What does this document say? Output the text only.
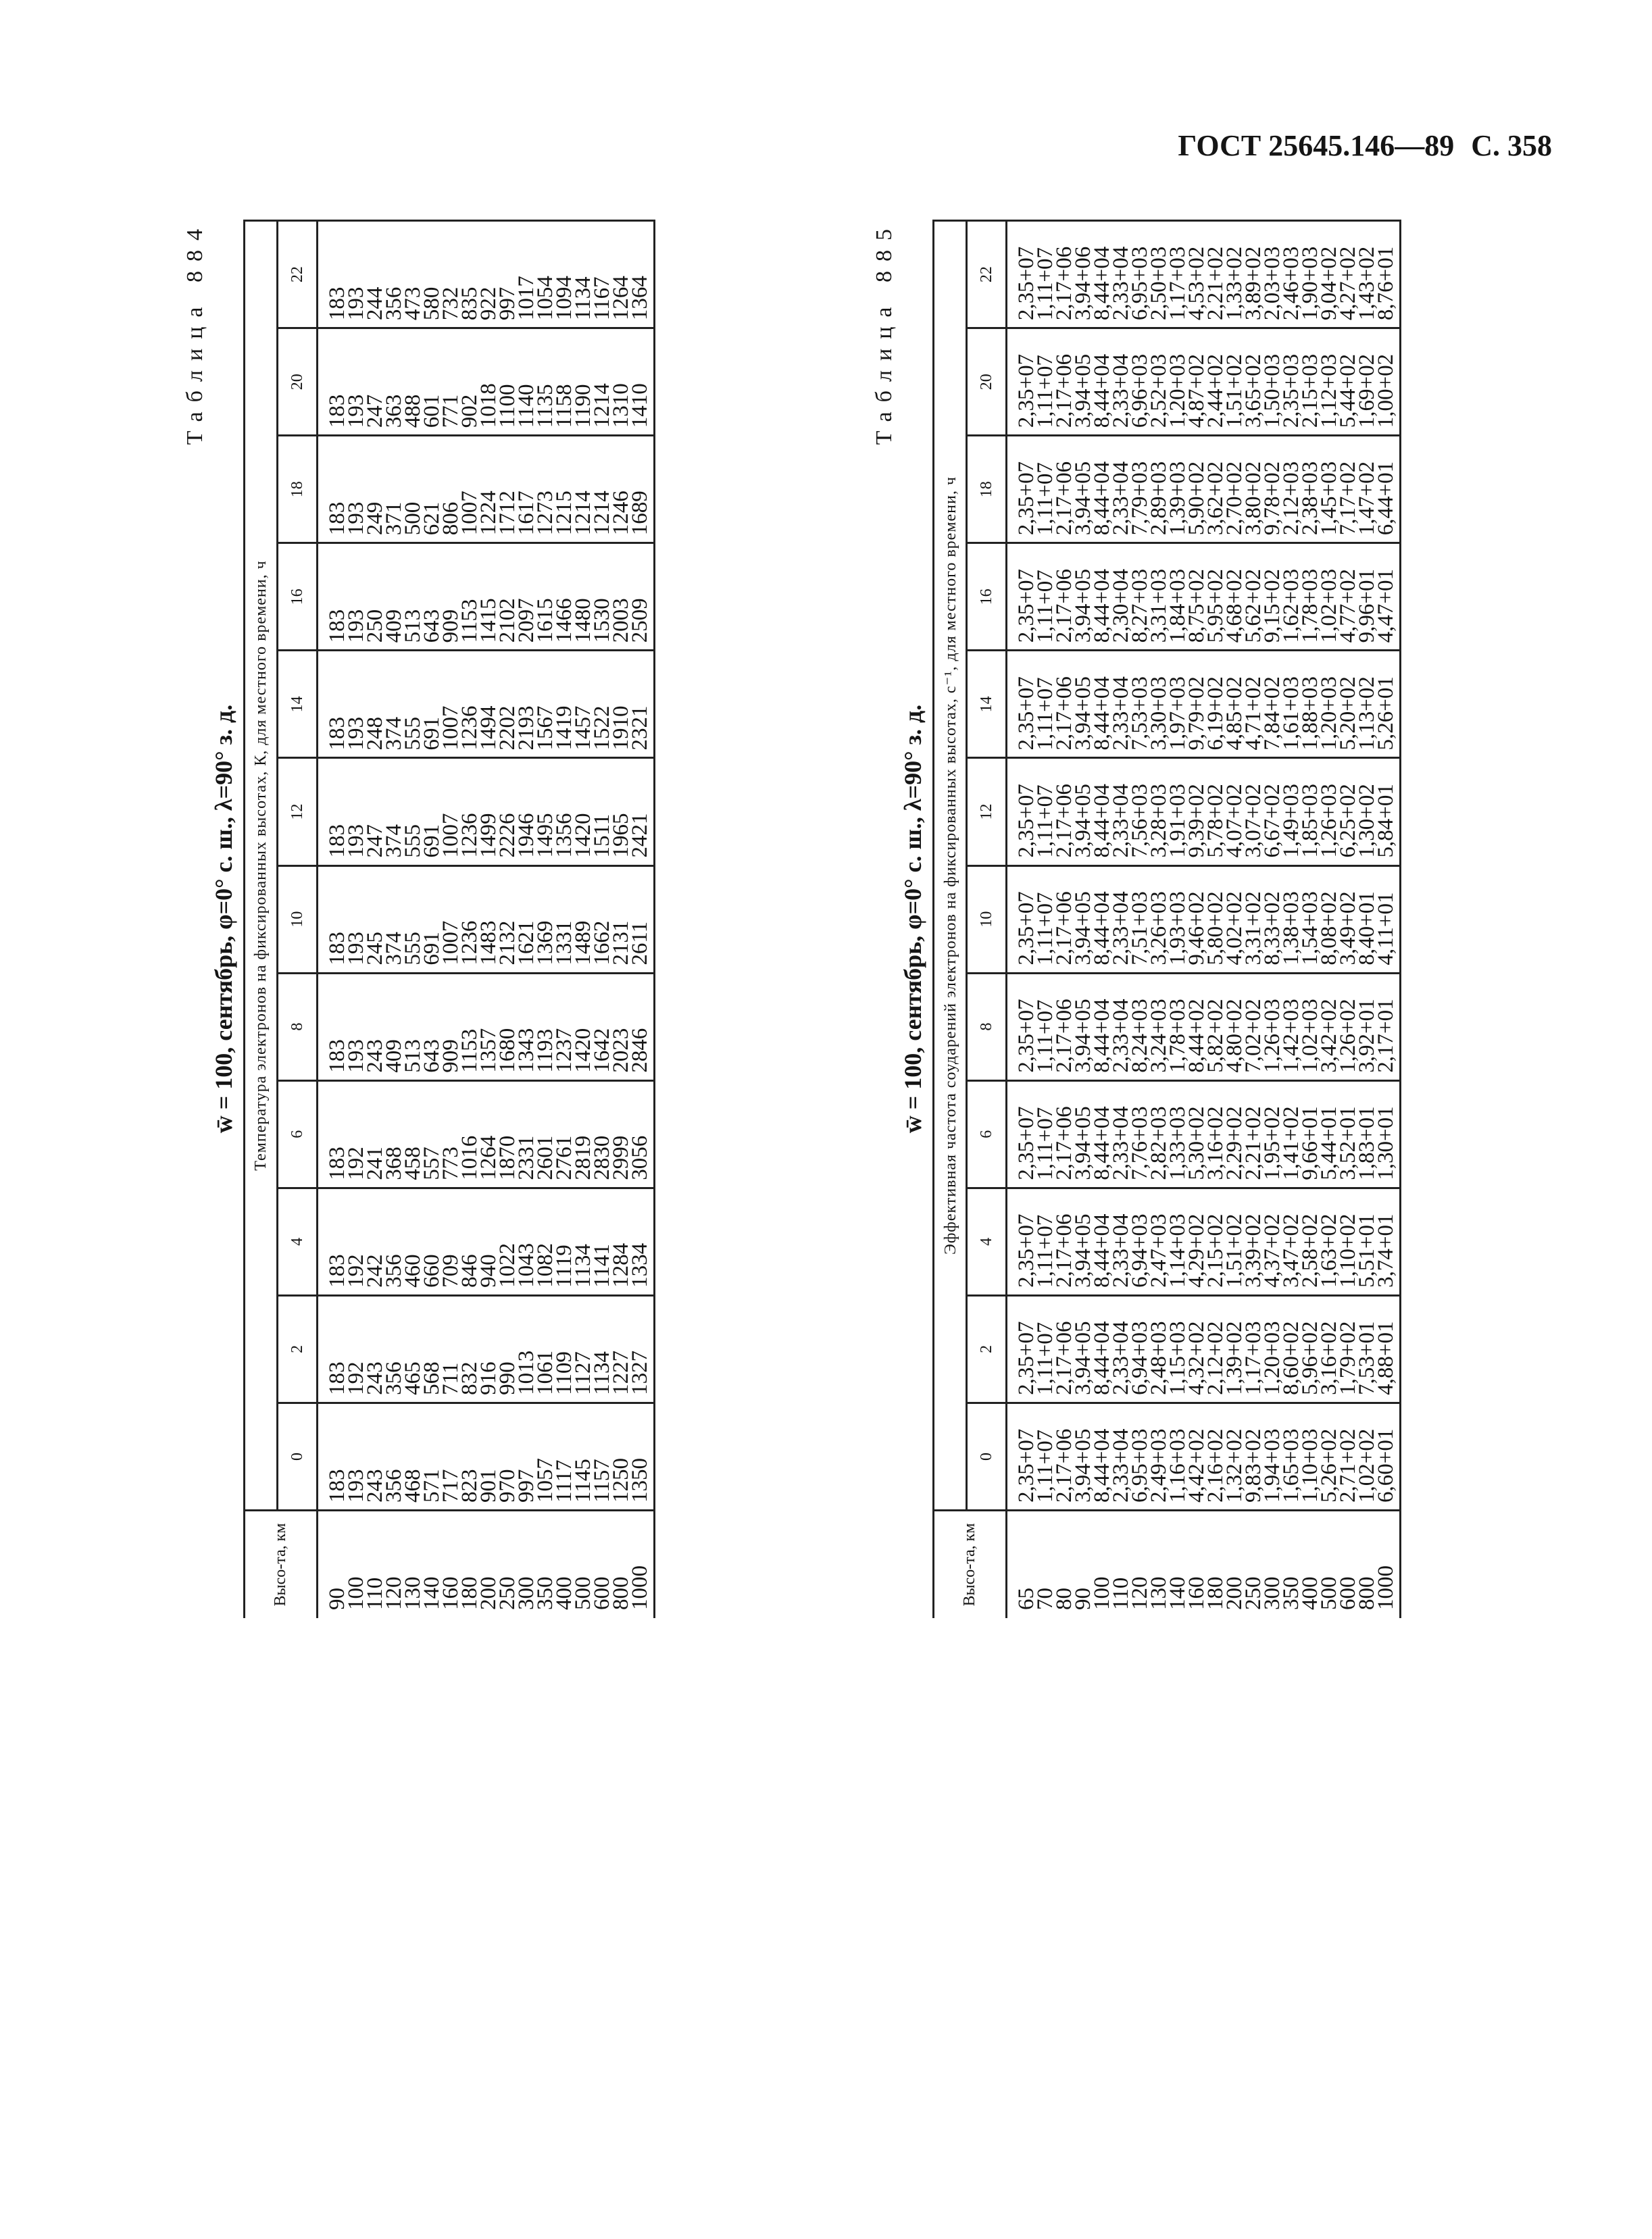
ГОСТ 25645.146—89 С. 358
Таблица 884
w̄ = 100, сентябрь, φ=0° с. ш., λ=90° з. д.
Высо-та, км	Температура электронов на фиксированных высотах, К, для местного времени, ч											
	0	2	4	6	8	10	12	14	16	18	20	22
90	183	183	183	183	183	183	183	183	183	183	183	183
100	193	192	192	192	193	193	193	193	193	193	193	193
110	243	243	242	241	243	245	247	248	250	249	247	244
120	356	356	356	368	409	374	374	374	409	371	363	356
130	468	465	460	458	513	555	555	555	513	500	488	473
140	571	568	660	557	643	691	691	691	643	621	601	580
160	717	711	709	773	909	1007	1007	1007	909	806	771	732
180	823	832	846	1016	1153	1236	1236	1236	1153	1007	902	835
200	901	916	940	1264	1357	1483	1499	1494	1415	1224	1018	922
250	970	990	1022	1870	1680	2132	2226	2202	2102	1712	1100	997
300	997	1013	1043	2331	1343	1621	1946	2193	2097	1617	1140	1017
350	1057	1061	1082	2601	1193	1369	1495	1567	1615	1273	1135	1054
400	1117	1109	1119	2761	1237	1331	1356	1419	1466	1215	1158	1094
500	1145	1127	1134	2819	1420	1489	1420	1457	1480	1214	1190	1134
600	1157	1134	1141	2830	1642	1662	1511	1522	1530	1214	1214	1167
800	1250	1227	1284	2999	2023	2131	1965	1910	2003	1246	1310	1264
1000	1350	1327	1334	3056	2846	2611	2421	2321	2509	1689	1410	1364	Таблица 885
w̄ = 100, сентябрь, φ=0° с. ш., λ=90° з. д.
Высо-та, км	Эффективная частота соударений электронов на фиксированных высотах, с⁻¹, для местного времени, ч											
	0	2	4	6	8	10	12	14	16	18	20	22
65	2,35+07	2,35+07	2,35+07	2,35+07	2,35+07	2,35+07	2,35+07	2,35+07	2,35+07	2,35+07	2,35+07	2,35+07
70	1,11+07	1,11+07	1,11+07	1,11+07	1,11+07	1,11+07	1,11+07	1,11+07	1,11+07	1,11+07	1,11+07	1,11+07
80	2,17+06	2,17+06	2,17+06	2,17+06	2,17+06	2,17+06	2,17+06	2,17+06	2,17+06	2,17+06	2,17+06	2,17+06
90	3,94+05	3,94+05	3,94+05	3,94+05	3,94+05	3,94+05	3,94+05	3,94+05	3,94+05	3,94+05	3,94+05	3,94+06
100	8,44+04	8,44+04	8,44+04	8,44+04	8,44+04	8,44+04	8,44+04	8,44+04	8,44+04	8,44+04	8,44+04	8,44+04
110	2,33+04	2,33+04	2,33+04	2,33+04	2,33+04	2,33+04	2,33+04	2,33+04	2,30+04	2,33+04	2,33+04	2,33+04
120	6,95+03	6,94+03	6,94+03	7,76+03	8,24+03	7,51+03	7,56+03	7,53+03	8,27+03	7,79+03	6,96+03	6,95+03
130	2,49+03	2,48+03	2,47+03	2,82+03	3,24+03	3,26+03	3,28+03	3,30+03	3,31+03	2,89+03	2,52+03	2,50+03
140	1,16+03	1,15+03	1,14+03	1,33+03	1,78+03	1,93+03	1,91+03	1,97+03	1,84+03	1,39+03	1,20+03	1,17+03
160	4,42+02	4,32+02	4,29+02	5,30+02	8,44+02	9,46+02	9,39+02	9,79+02	8,75+02	5,90+02	4,87+02	4,53+02
180	2,16+02	2,12+02	2,15+02	3,16+02	5,82+02	5,80+02	5,78+02	6,19+02	5,95+02	3,62+02	2,44+02	2,21+02
200	1,32+02	1,39+02	1,51+02	2,29+02	4,80+02	4,02+02	4,07+02	4,85+02	4,68+02	2,70+02	1,51+02	1,33+02
250	9,83+02	1,17+03	3,39+02	2,21+02	7,02+02	3,31+02	3,07+02	4,71+02	5,62+02	3,80+02	3,65+02	3,89+02
300	1,94+03	1,20+03	4,37+02	1,95+02	1,26+03	8,33+02	6,67+02	7,84+02	9,15+02	9,78+02	1,50+03	2,03+03
350	1,65+03	8,60+02	3,47+02	1,41+02	1,42+03	1,38+03	1,49+03	1,61+03	1,62+03	2,12+03	2,35+03	2,46+03
400	1,10+03	5,96+02	2,58+02	9,66+01	1,02+03	1,54+03	1,85+03	1,88+03	1,78+03	2,38+03	2,15+03	1,90+03
500	5,26+02	3,16+02	1,63+02	5,44+01	3,42+02	8,08+02	1,26+03	1,20+03	1,02+03	1,45+03	1,12+03	9,04+02
600	2,71+02	1,79+02	1,10+02	3,52+01	1,26+02	3,49+02	6,25+02	5,20+02	4,77+02	7,17+02	5,44+02	4,27+02
800	1,02+02	7,53+01	5,51+01	1,83+01	3,92+01	8,40+01	1,30+02	1,13+02	9,96+01	1,47+02	1,69+02	1,43+02
1000	6,60+01	4,88+01	3,74+01	1,30+01	2,17+01	4,11+01	5,84+01	5,26+01	4,47+01	6,44+01	1,00+02	8,76+01
